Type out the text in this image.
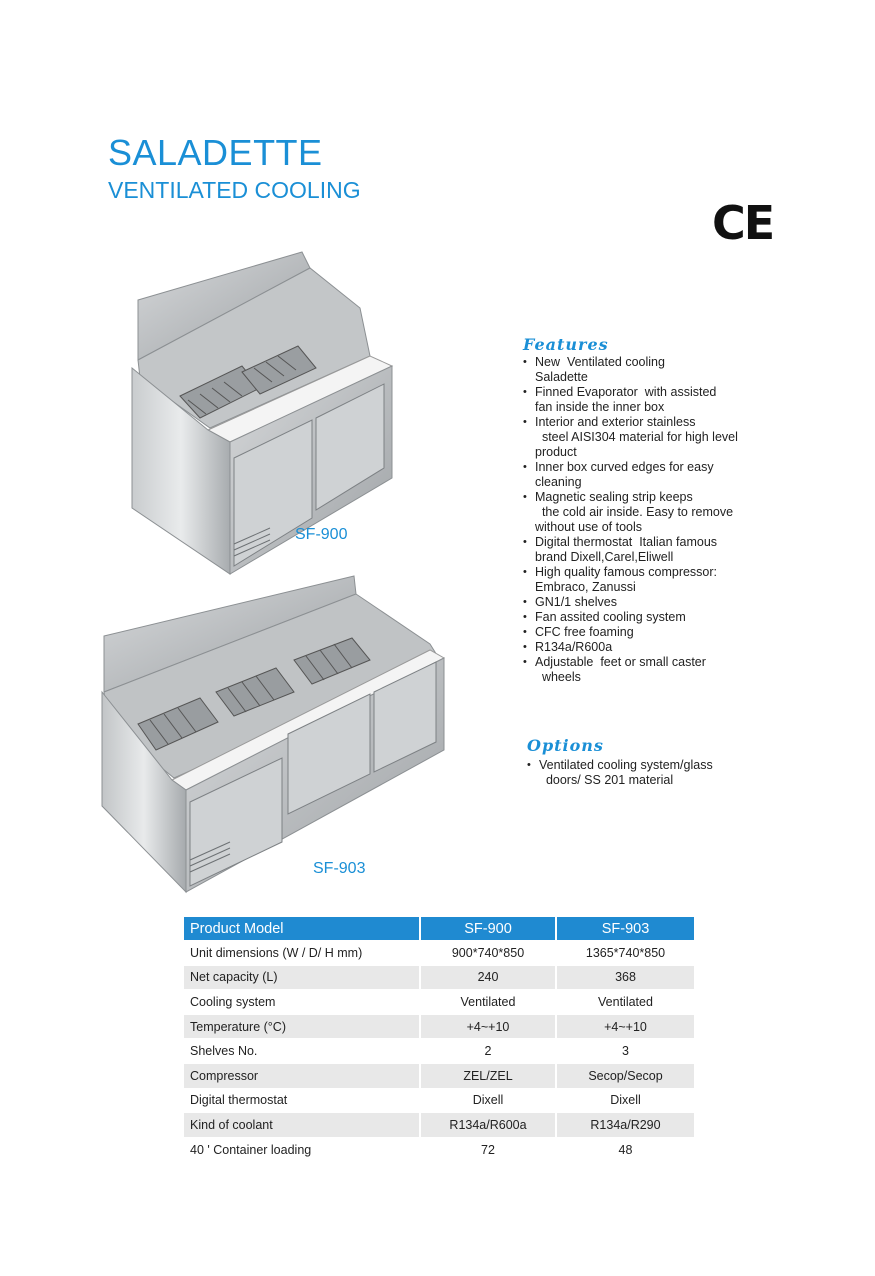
SALADETTE
VENTILATED COOLING
CE
SF-900
SF-903
Features
• New  Ventilated cooling
Saladette
• Finned Evaporator  with assisted
fan inside the inner box
• Interior and exterior stainless
steel AISI304 material for high level
product
• Inner box curved edges for easy
cleaning
• Magnetic sealing strip keeps
the cold air inside. Easy to remove
without use of tools
• Digital thermostat  Italian famous
brand Dixell,Carel,Eliwell
• High quality famous compressor:
Embraco, Zanussi
• GN1/1 shelves
• Fan assited cooling system
• CFC free foaming
• R134a/R600a
• Adjustable  feet or small caster
wheels
Options
• Ventilated cooling system/glass
doors/ SS 201 material
Product Model	SF-900	SF-903
Unit dimensions (W / D/ H mm)	900*740*850	1365*740*850
Net capacity (L)	240	368
Cooling system	Ventilated	Ventilated
Temperature (°C)	+4~+10	+4~+10
Shelves No.	2	3
Compressor	ZEL/ZEL	Secop/Secop
Digital thermostat	Dixell	Dixell
Kind of coolant	R134a/R600a	R134a/R290
40 ' Container loading	72	48
